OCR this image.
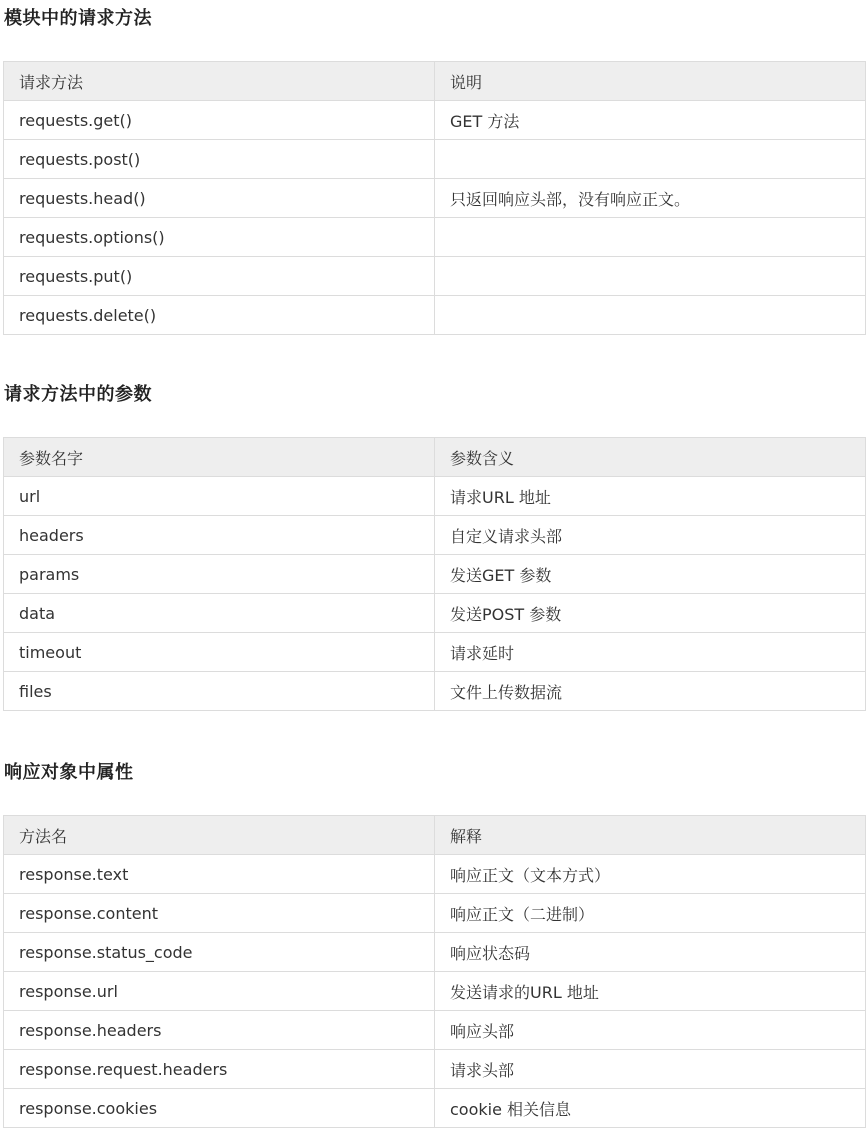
模块中的请求方法
请求方法	说明
requests.get()	GET 方法
requests.post()	
requests.head()	只返回响应头部，没有响应正文。
requests.options()	
requests.put()	
requests.delete()	
请求方法中的参数
参数名字	参数含义
url	请求URL 地址
headers	自定义请求头部
params	发送GET 参数
data	发送POST 参数
timeout	请求延时
files	文件上传数据流
响应对象中属性
方法名	解释
response.text	响应正文（文本方式）
response.content	响应正文（二进制）
response.status_code	响应状态码
response.url	发送请求的URL 地址
response.headers	响应头部
response.request.headers	请求头部
response.cookies	cookie 相关信息
